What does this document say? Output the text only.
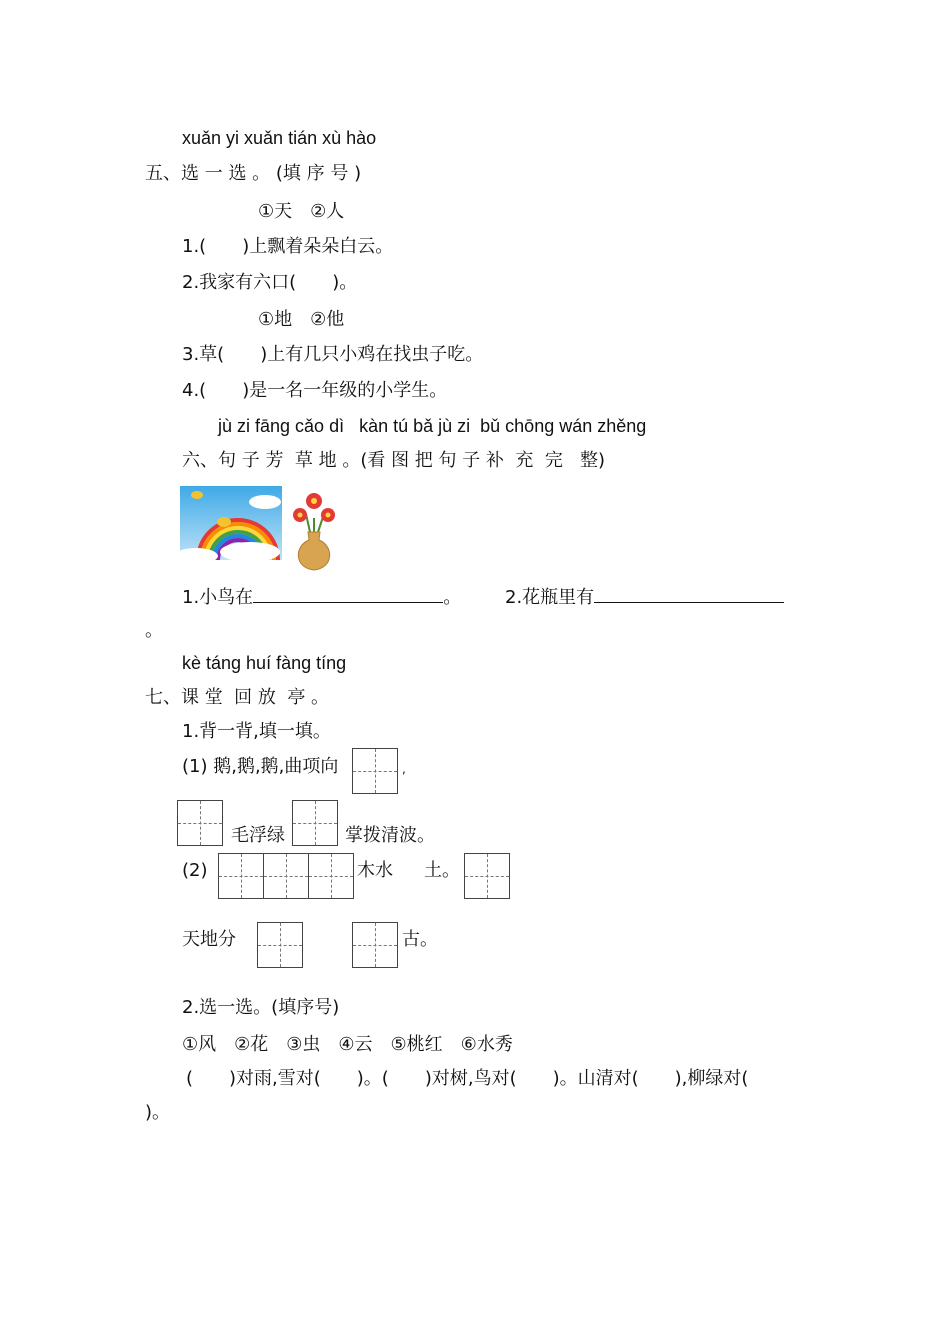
xuǎn yi xuǎn tián xù hào
五、选 一 选 。 (填 序 号 )
①天　②人
1.(　　)上飘着朵朵白云。
2.我家有六口(　　)。
①地　②他
3.草(　　)上有几只小鸡在找虫子吃。
4.(　　)是一名一年级的小学生。
jù zi fāng cǎo dì   kàn tú bǎ jù zi  bǔ chōng wán zhěng
六、句 子 芳  草 地 。(看 图 把 句 子 补  充  完   整)
1.小鸟在	。 2.花瓶里有
。
kè táng huí fàng tíng
七、课 堂  回 放  亭 。
1.背一背,填一填。
(1) 鹅,鹅,鹅,曲项向	,
毛浮绿	掌拨清波。
(2)	木水 土。
天地分	古。
2.选一选。(填序号)
①风　②花　③虫　④云　⑤桃红　⑥水秀
(　　)对雨,雪对(　　)。(　　)对树,鸟对(　　)。山清对(　　),柳绿对(
)。
